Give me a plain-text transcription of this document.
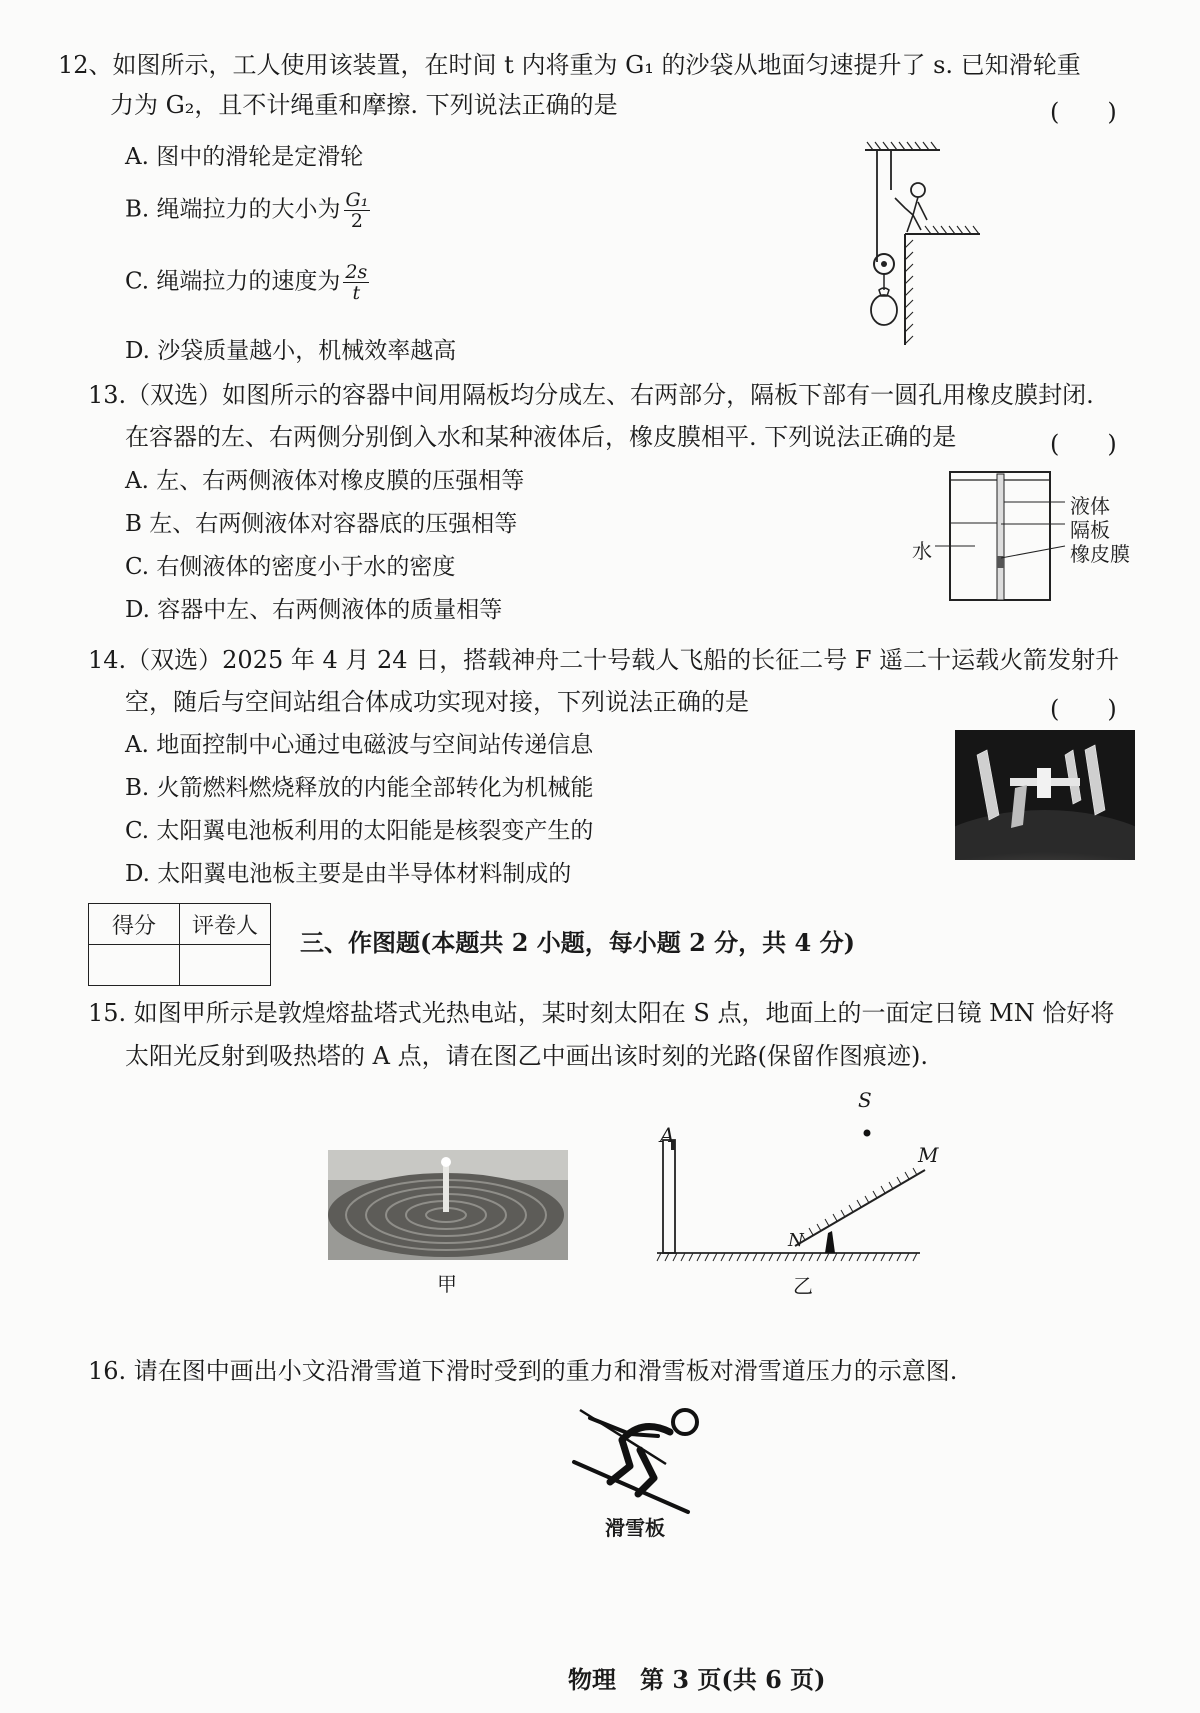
12、如图所示，工人使用该装置，在时间 t 内将重为 G₁ 的沙袋从地面匀速提升了 s. 已知滑轮重
力为 G₂，且不计绳重和摩擦. 下列说法正确的是	(　　)
A. 图中的滑轮是定滑轮
B. 绳端拉力的大小为 $\frac{\text{G₁}}{2}$
C. 绳端拉力的速度为 $\frac{2s}{t}$
D. 沙袋质量越小，机械效率越高
13.（双选）如图所示的容器中间用隔板均分成左、右两部分，隔板下部有一圆孔用橡皮膜封闭.
在容器的左、右两侧分别倒入水和某种液体后，橡皮膜相平. 下列说法正确的是	(　　)
A. 左、右两侧液体对橡皮膜的压强相等
B 左、右两侧液体对容器底的压强相等
C. 右侧液体的密度小于水的密度
D. 容器中左、右两侧液体的质量相等
液体
隔板
橡皮膜
水
14.（双选）2025 年 4 月 24 日，搭载神舟二十号载人飞船的长征二号 F 遥二十运载火箭发射升
空，随后与空间站组合体成功实现对接，下列说法正确的是	(　　)
A. 地面控制中心通过电磁波与空间站传递信息
B. 火箭燃料燃烧释放的内能全部转化为机械能
C. 太阳翼电池板利用的太阳能是核裂变产生的
D. 太阳翼电池板主要是由半导体材料制成的
得分	评卷人

三、作图题(本题共 2 小题，每小题 2 分，共 4 分)
15. 如图甲所示是敦煌熔盐塔式光热电站，某时刻太阳在 S 点，地面上的一面定日镜 MN 恰好将
太阳光反射到吸热塔的 A 点，请在图乙中画出该时刻的光路(保留作图痕迹).
甲
S
A
M
N
乙
16. 请在图中画出小文沿滑雪道下滑时受到的重力和滑雪板对滑雪道压力的示意图.
滑雪板
物理　第 3 页(共 6 页)
